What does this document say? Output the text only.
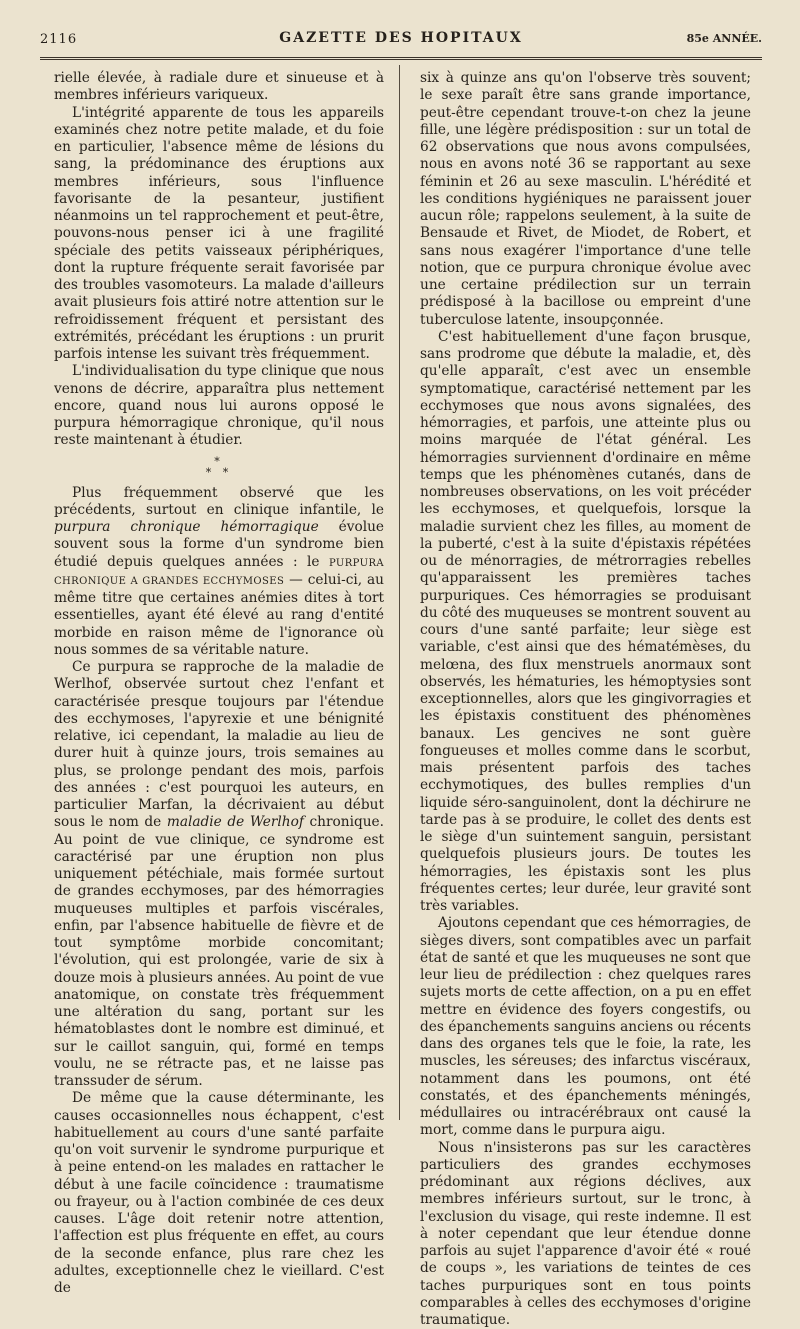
2116	GAZETTE DES HOPITAUX	85e ANNÉE.

rielle élevée, à radiale dure et sinueuse et à membres inférieurs variqueux.

L'intégrité apparente de tous les appareils examinés chez notre petite malade, et du foie en particulier, l'absence même de lésions du sang, la prédominance des éruptions aux membres inférieurs, sous l'influence favorisante de la pesanteur, justifient néanmoins un tel rapprochement et peut-être, pouvons-nous penser ici à une fragilité spéciale des petits vaisseaux périphériques, dont la rupture fréquente serait favorisée par des troubles vasomoteurs. La malade d'ailleurs avait plusieurs fois attiré notre attention sur le refroidissement fréquent et persistant des extrémités, précédant les éruptions : un prurit parfois intense les suivant très fréquemment.

L'individualisation du type clinique que nous venons de décrire, apparaîtra plus nettement encore, quand nous lui aurons opposé le purpura hémorragique chronique, qu'il nous reste maintenant à étudier.

*
* *

Plus fréquemment observé que les précédents, surtout en clinique infantile, le purpura chronique hémorragique évolue souvent sous la forme d'un syndrome bien étudié depuis quelques années : le PURPURA CHRONIQUE A GRANDES ECCHYMOSES — celui-ci, au même titre que certaines anémies dites à tort essentielles, ayant été élevé au rang d'entité morbide en raison même de l'ignorance où nous sommes de sa véritable nature.

Ce purpura se rapproche de la maladie de Werlhof, observée surtout chez l'enfant et caractérisée presque toujours par l'étendue des ecchymoses, l'apyrexie et une bénignité relative, ici cependant, la maladie au lieu de durer huit à quinze jours, trois semaines au plus, se prolonge pendant des mois, parfois des années : c'est pourquoi les auteurs, en particulier Marfan, la décrivaient au début sous le nom de maladie de Werlhof chronique. Au point de vue clinique, ce syndrome est caractérisé par une éruption non plus uniquement pétéchiale, mais formée surtout de grandes ecchymoses, par des hémorragies muqueuses multiples et parfois viscérales, enfin, par l'absence habituelle de fièvre et de tout symptôme morbide concomitant; l'évolution, qui est prolongée, varie de six à douze mois à plusieurs années. Au point de vue anatomique, on constate très fréquemment une altération du sang, portant sur les hématoblastes dont le nombre est diminué, et sur le caillot sanguin, qui, formé en temps voulu, ne se rétracte pas, et ne laisse pas transsuder de sérum.

De même que la cause déterminante, les causes occasionnelles nous échappent, c'est habituellement au cours d'une santé parfaite qu'on voit survenir le syndrome purpurique et à peine entend-on les malades en rattacher le début à une facile coïncidence : traumatisme ou frayeur, ou à l'action combinée de ces deux causes. L'âge doit retenir notre attention, l'affection est plus fréquente en effet, au cours de la seconde enfance, plus rare chez les adultes, exceptionnelle chez le vieillard. C'est de

six à quinze ans qu'on l'observe très souvent; le sexe paraît être sans grande importance, peut-être cependant trouve-t-on chez la jeune fille, une légère prédisposition : sur un total de 62 observations que nous avons compulsées, nous en avons noté 36 se rapportant au sexe féminin et 26 au sexe masculin. L'hérédité et les conditions hygiéniques ne paraissent jouer aucun rôle; rappelons seulement, à la suite de Bensaude et Rivet, de Miodet, de Robert, et sans nous exagérer l'importance d'une telle notion, que ce purpura chronique évolue avec une certaine prédilection sur un terrain prédisposé à la bacillose ou empreint d'une tuberculose latente, insoupçonnée.

C'est habituellement d'une façon brusque, sans prodrome que débute la maladie, et, dès qu'elle apparaît, c'est avec un ensemble symptomatique, caractérisé nettement par les ecchymoses que nous avons signalées, des hémorragies, et parfois, une atteinte plus ou moins marquée de l'état général. Les hémorragies surviennent d'ordinaire en même temps que les phénomènes cutanés, dans de nombreuses observations, on les voit précéder les ecchymoses, et quelquefois, lorsque la maladie survient chez les filles, au moment de la puberté, c'est à la suite d'épistaxis répétées ou de ménorragies, de métrorragies rebelles qu'apparaissent les premières taches purpuriques. Ces hémorragies se produisant du côté des muqueuses se montrent souvent au cours d'une santé parfaite; leur siège est variable, c'est ainsi que des hématémèses, du melœna, des flux menstruels anormaux sont observés, les hématuries, les hémoptysies sont exceptionnelles, alors que les gingivorragies et les épistaxis constituent des phénomènes banaux. Les gencives ne sont guère fongueuses et molles comme dans le scorbut, mais présentent parfois des taches ecchymotiques, des bulles remplies d'un liquide séro-sanguinolent, dont la déchirure ne tarde pas à se produire, le collet des dents est le siège d'un suintement sanguin, persistant quelquefois plusieurs jours. De toutes les hémorragies, les épistaxis sont les plus fréquentes certes; leur durée, leur gravité sont très variables.

Ajoutons cependant que ces hémorragies, de sièges divers, sont compatibles avec un parfait état de santé et que les muqueuses ne sont que leur lieu de prédilection : chez quelques rares sujets morts de cette affection, on a pu en effet mettre en évidence des foyers congestifs, ou des épanchements sanguins anciens ou récents dans des organes tels que le foie, la rate, les muscles, les séreuses; des infarctus viscéraux, notamment dans les poumons, ont été constatés, et des épanchements méningés, médullaires ou intracérébraux ont causé la mort, comme dans le purpura aigu.

Nous n'insisterons pas sur les caractères particuliers des grandes ecchymoses prédominant aux régions déclives, aux membres inférieurs surtout, sur le tronc, à l'exclusion du visage, qui reste indemne. Il est à noter cependant que leur étendue donne parfois au sujet l'apparence d'avoir été « roué de coups », les variations de teintes de ces taches purpuriques sont en tous points comparables à celles des ecchymoses d'origine traumatique.
